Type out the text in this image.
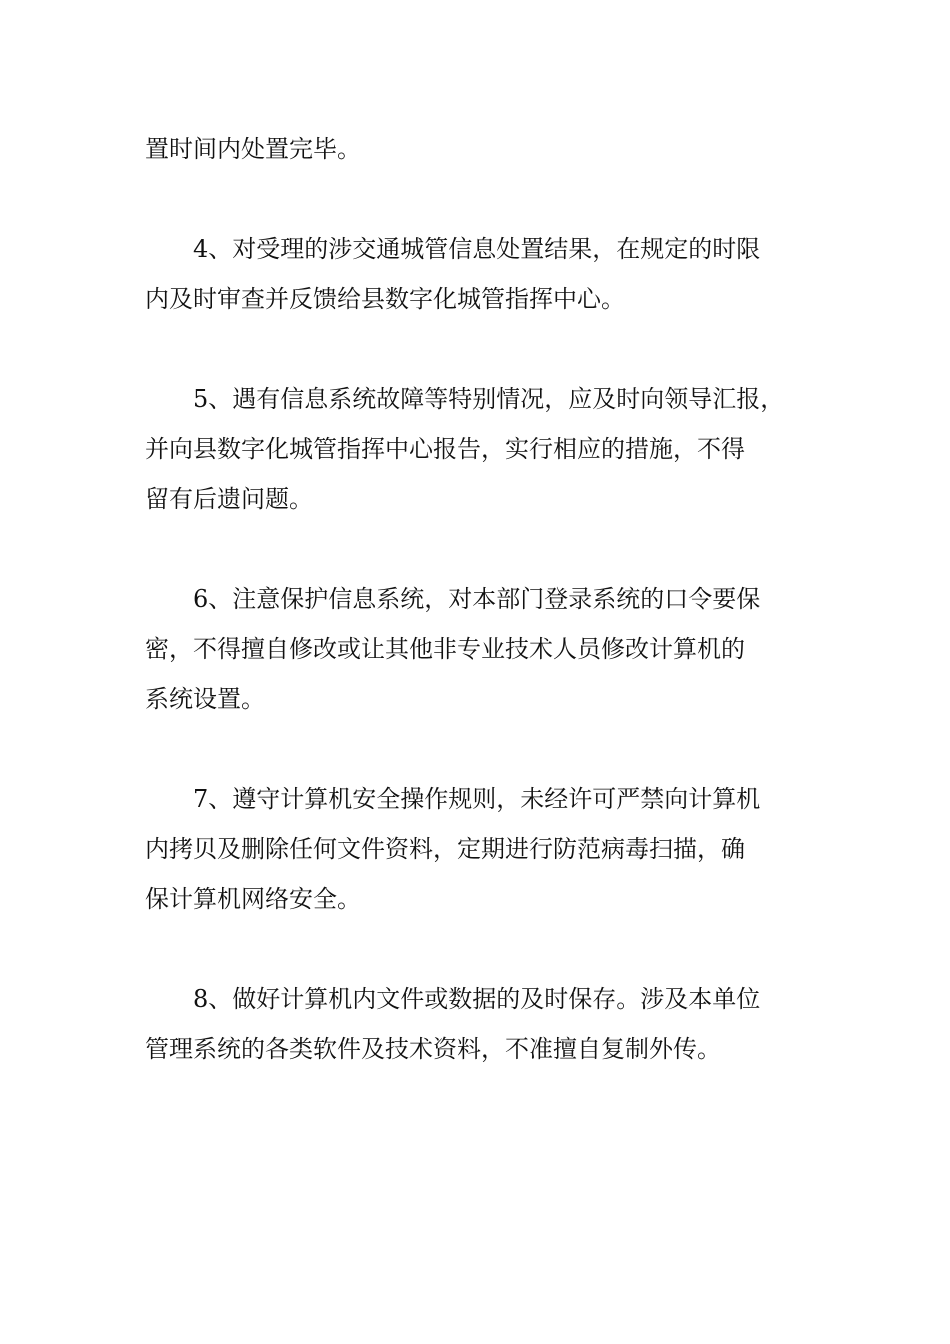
置时间内处置完毕。

4、对受理的涉交通城管信息处置结果，在规定的时限

内及时审查并反馈给县数字化城管指挥中心。

5、遇有信息系统故障等特别情况，应及时向领导汇报，

并向县数字化城管指挥中心报告，实行相应的措施，不得

留有后遗问题。

6、注意保护信息系统，对本部门登录系统的口令要保

密，不得擅自修改或让其他非专业技术人员修改计算机的

系统设置。

7、遵守计算机安全操作规则，未经许可严禁向计算机

内拷贝及删除任何文件资料，定期进行防范病毒扫描，确

保计算机网络安全。

8、做好计算机内文件或数据的及时保存。涉及本单位

管理系统的各类软件及技术资料，不准擅自复制外传。
